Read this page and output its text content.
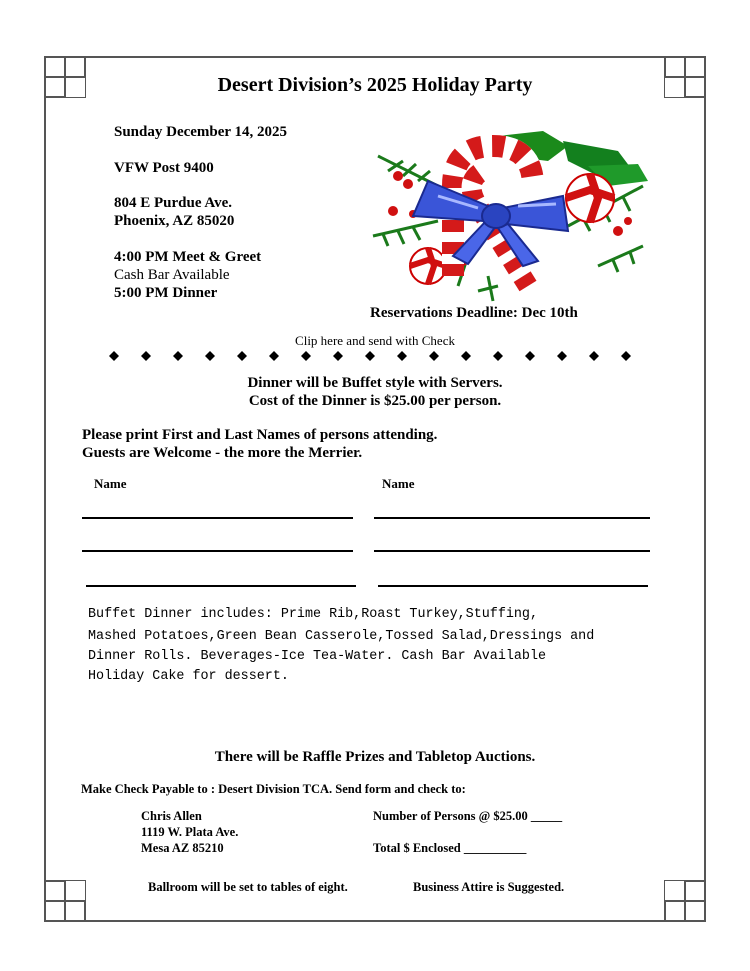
Desert Division’s 2025 Holiday Party
Sunday December 14, 2025
VFW Post 9400
804 E Purdue Ave.
Phoenix, AZ 85020
4:00 PM Meet & Greet
Cash Bar Available
5:00 PM Dinner
Reservations Deadline: Dec 10th
Clip here and send with Check
Dinner will be Buffet style with Servers.
Cost of the Dinner is $25.00 per person.
Please print First and Last Names of persons attending.
Guests are Welcome - the more the Merrier.
Name	Name
Buffet Dinner includes: Prime Rib,Roast Turkey,Stuffing,
Mashed Potatoes,Green Bean Casserole,Tossed Salad,Dressings and
Dinner Rolls. Beverages-Ice Tea-Water. Cash Bar Available
Holiday Cake for dessert.
There will be Raffle Prizes and Tabletop Auctions.
Make Check Payable to : Desert Division TCA. Send form and check to:
Chris Allen
1119 W. Plata Ave.
Mesa AZ 85210
Number of Persons @ $25.00 _____
Total $ Enclosed __________
Ballroom will be set to tables of eight.	Business Attire is Suggested.
